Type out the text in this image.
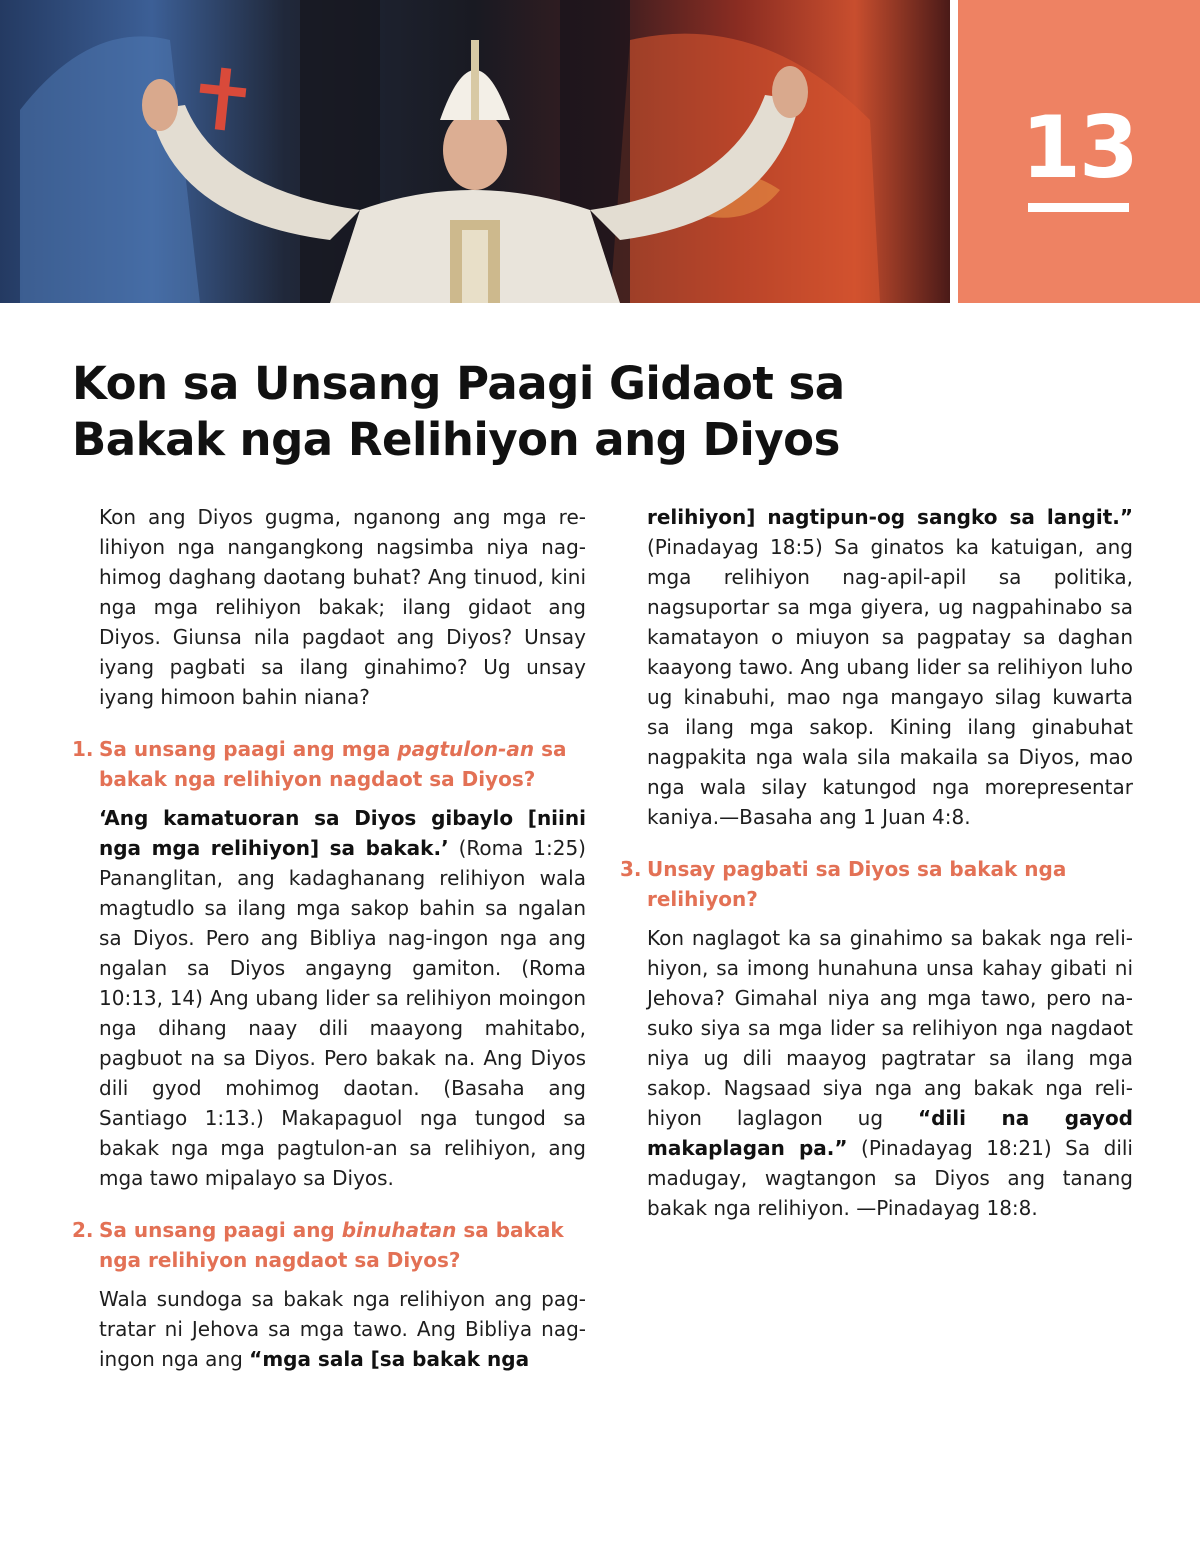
13
Kon sa Unsang Paagi Gidaot sa
Bakak nga Relihiyon ang Diyos

Kon ang Diyos gugma, nganong ang mga relihiyon nga nangangkong nagsimba niya naghimog daghang daotang buhat? Ang tinuod, kini nga mga relihiyon bakak; ilang gidaot ang Diyos. Giunsa nila pagdaot ang Diyos? Unsay iyang pagbati sa ilang ginahimo? Ug unsay iyang himoon bahin niana?

1. Sa unsang paagi ang mga pagtulon-an sa bakak nga relihiyon nagdaot sa Diyos?

‘Ang kamatuoran sa Diyos gibaylo [niini nga mga relihiyon] sa bakak.’ (Roma 1:25) Pananglitan, ang kadaghanang relihiyon wala magtudlo sa ilang mga sakop bahin sa ngalan sa Diyos. Pero ang Bibliya nag-ingon nga ang ngalan sa Diyos angayng gamiton. (Roma 10:13, 14) Ang ubang lider sa relihiyon moingon nga dihang naay dili maayong mahitabo, pagbuot na sa Diyos. Pero bakak na. Ang Diyos dili gyod mohimog daotan. (Basaha ang Santiago 1:13.) Makapaguol nga tungod sa bakak nga mga pagtulon-an sa relihiyon, ang mga tawo mipalayo sa Diyos.

2. Sa unsang paagi ang binuhatan sa bakak nga relihiyon nagdaot sa Diyos?

Wala sundoga sa bakak nga relihiyon ang pagtratar ni Jehova sa mga tawo. Ang Bibliya nag-ingon nga ang “mga sala [sa bakak nga

relihiyon] nagtipun-og sangko sa langit.” (Pinadayag 18:5) Sa ginatos ka katuigan, ang mga relihiyon nag-apil-apil sa politika, nagsuportar sa mga giyera, ug nagpahinabo sa kamatayon o miuyon sa pagpatay sa daghan kaayong tawo. Ang ubang lider sa relihiyon luho ug kinabuhi, mao nga mangayo silag kuwarta sa ilang mga sakop. Kining ilang ginabuhat nagpakita nga wala sila makaila sa Diyos, mao nga wala silay katungod nga morepresentar kaniya.—Basaha ang 1 Juan 4:8.

3. Unsay pagbati sa Diyos sa bakak nga relihiyon?

Kon naglagot ka sa ginahimo sa bakak nga relihiyon, sa imong hunahuna unsa kahay gibati ni Jehova? Gimahal niya ang mga tawo, pero nasuko siya sa mga lider sa relihiyon nga nagdaot niya ug dili maayog pagtratar sa ilang mga sakop. Nagsaad siya nga ang bakak nga relihiyon laglagon ug “dili na gayod makaplagan pa.” (Pinadayag 18:21) Sa dili madugay, wagtangon sa Diyos ang tanang bakak nga relihiyon. —Pinadayag 18:8.
